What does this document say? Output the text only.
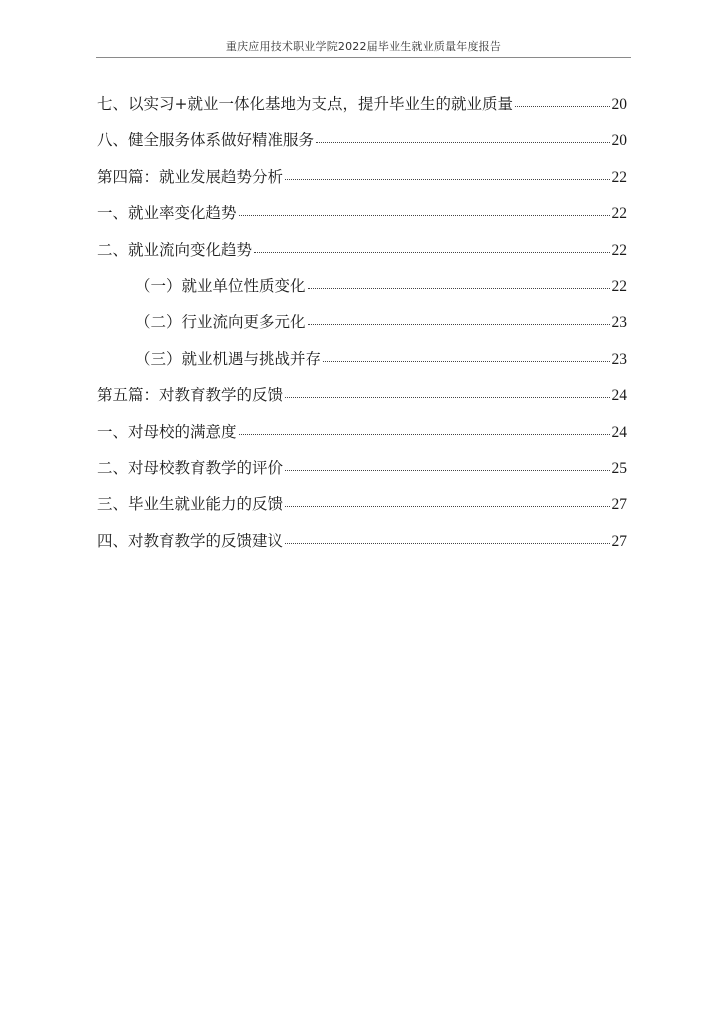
重庆应用技术职业学院2022届毕业生就业质量年度报告
七、以实习+就业一体化基地为支点，提升毕业生的就业质量	20
八、健全服务体系做好精准服务	20
第四篇：就业发展趋势分析	22
一、就业率变化趋势	22
二、就业流向变化趋势	22
（一）就业单位性质变化	22
（二）行业流向更多元化	23
（三）就业机遇与挑战并存	23
第五篇：对教育教学的反馈	24
一、对母校的满意度	24
二、对母校教育教学的评价	25
三、毕业生就业能力的反馈	27
四、对教育教学的反馈建议	27
